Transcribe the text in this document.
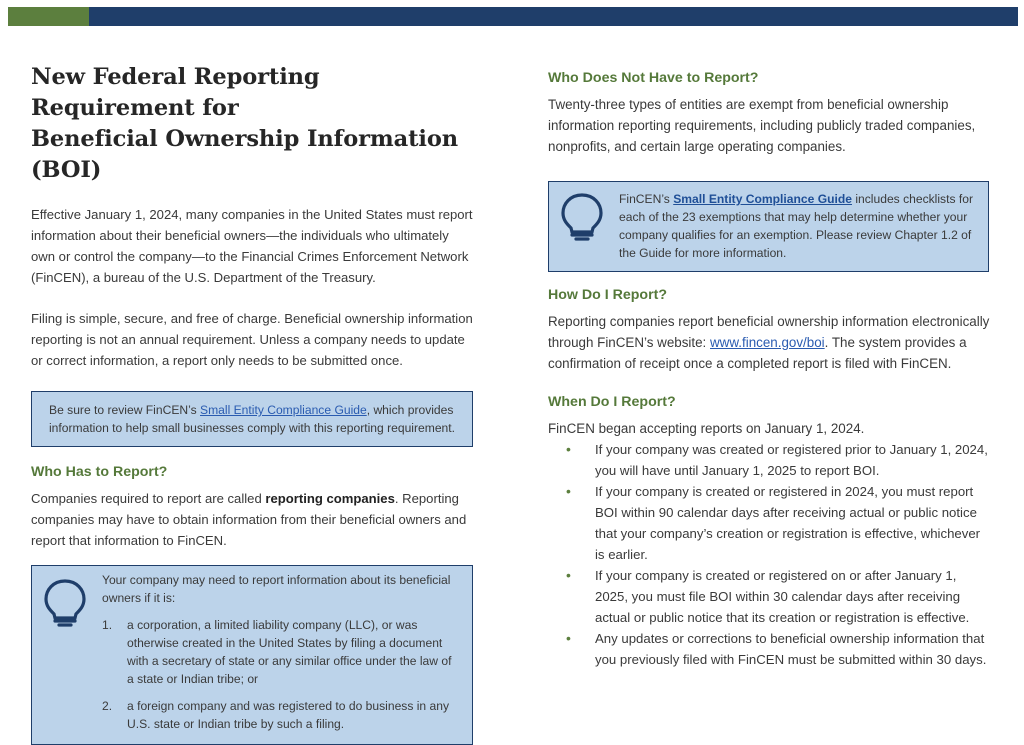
New Federal Reporting Requirement for
Beneficial Ownership Information (BOI)

Effective January 1, 2024, many companies in the United States must report information about their beneficial owners—the individuals who ultimately own or control the company—to the Financial Crimes Enforcement Network (FinCEN), a bureau of the U.S. Department of the Treasury.

Filing is simple, secure, and free of charge. Beneficial ownership information reporting is not an annual requirement. Unless a company needs to update or correct information, a report only needs to be submitted once.

Be sure to review FinCEN’s Small Entity Compliance Guide, which provides information to help small businesses comply with this reporting requirement.

Who Has to Report?

Companies required to report are called reporting companies. Reporting companies may have to obtain information from their beneficial owners and report that information to FinCEN.

Your company may need to report information about its beneficial owners if it is:

1.	a corporation, a limited liability company (LLC), or was otherwise created in the United States by filing a document with a secretary of state or any similar office under the law of a state or Indian tribe; or
2.	a foreign company and was registered to do business in any U.S. state or Indian tribe by such a filing.
Who Does Not Have to Report?

Twenty-three types of entities are exempt from beneficial ownership information reporting requirements, including publicly traded companies, nonprofits, and certain large operating companies.

FinCEN’s Small Entity Compliance Guide includes checklists for each of the 23 exemptions that may help determine whether your company qualifies for an exemption. Please review Chapter 1.2 of the Guide for more information.

How Do I Report?

Reporting companies report beneficial ownership information electronically through FinCEN’s website: www.fincen.gov/boi. The system provides a confirmation of receipt once a completed report is filed with FinCEN.

When Do I Report?

FinCEN began accepting reports on January 1, 2024.

•	If your company was created or registered prior to January 1, 2024, you will have until January 1, 2025 to report BOI.
•	If your company is created or registered in 2024, you must report BOI within 90 calendar days after receiving actual or public notice that your company’s creation or registration is effective, whichever is earlier.
•	If your company is created or registered on or after January 1, 2025, you must file BOI within 30 calendar days after receiving actual or public notice that its creation or registration is effective.
•	Any updates or corrections to beneficial ownership information that you previously filed with FinCEN must be submitted within 30 days.
